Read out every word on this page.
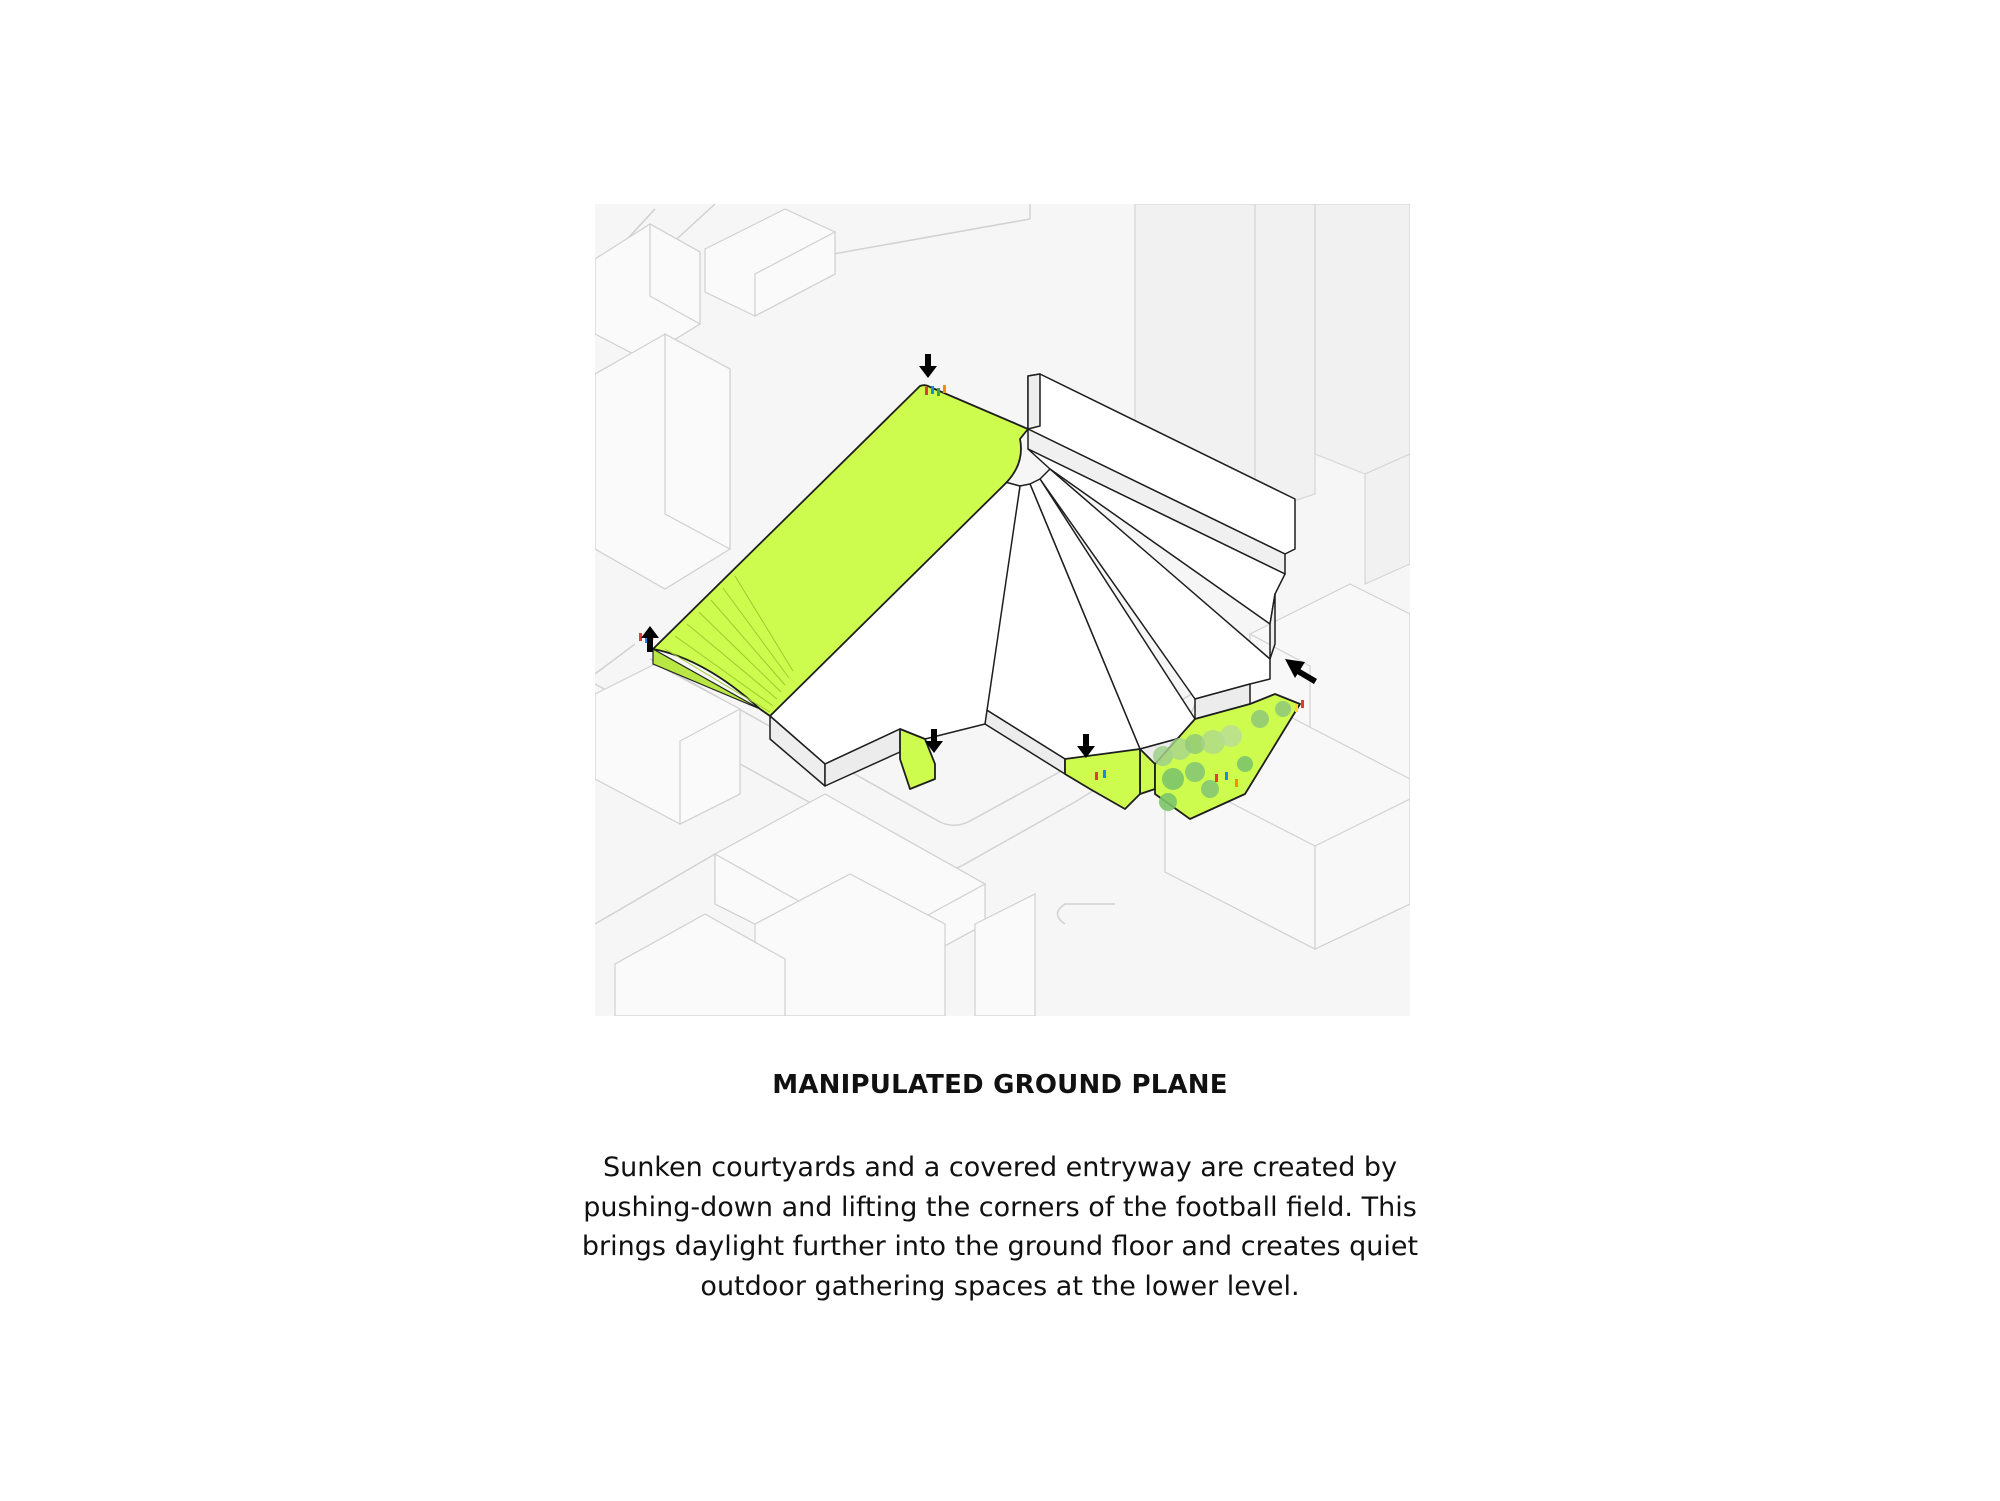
MANIPULATED GROUND PLANE
Sunken courtyards and a covered entryway are created by
pushing-down and lifting the corners of the football field. This
brings daylight further into the ground floor and creates quiet
outdoor gathering spaces at the lower level.
